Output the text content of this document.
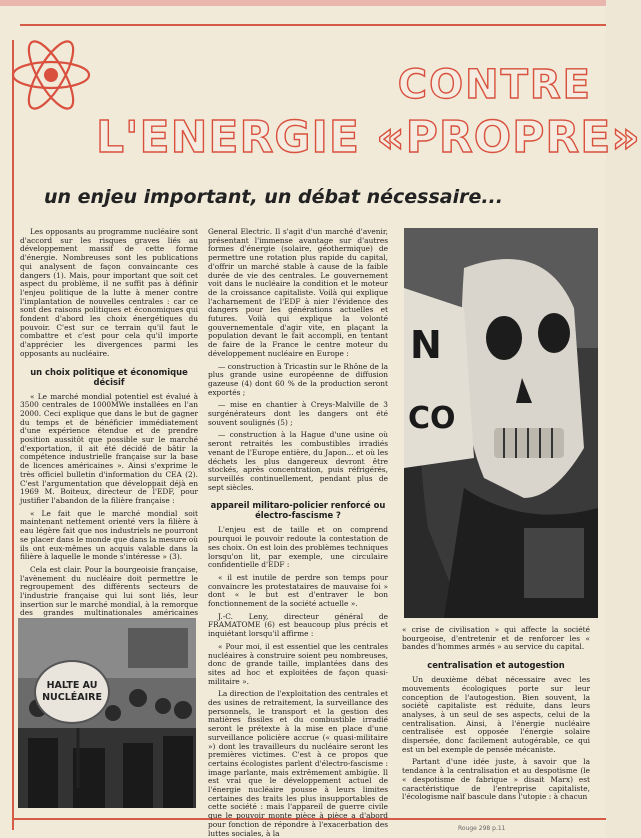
CONTRE
L'ENERGIE «PROPRE»
un enjeu important, un débat nécessaire...

Les opposants au programme nucléaire sont d'accord sur les risques graves liés au développement massif de cette forme d'énergie. Nombreuses sont les publications qui analysent de façon convaincante ces dangers (1). Mais, pour important que soit cet aspect du problème, il ne suffit pas à définir l'enjeu politique de la lutte à mener contre l'implantation de nouvelles centrales : car ce sont des raisons politiques et économiques qui fondent d'abord les choix énergétiques du pouvoir. C'est sur ce terrain qu'il faut le combattre et c'est pour cela qu'il importe d'apprécier les divergences parmi les opposants au nucléaire.

un choix politique et économique décisif

« Le marché mondial potentiel est évalué à 3500 centrales de 1000MWe installées en l'an 2000. Ceci explique que dans le but de gagner du temps et de bénéficier immédiatement d'une expérience étendue et de prendre position aussitôt que possible sur le marché d'exportation, il ait été décidé de bâtir la compétence industrielle française sur la base de licences américaines ». Ainsi s'exprime le très officiel bulletin d'information du CEA (2). C'est l'argumentation que développait déjà en 1969 M. Boiteux, directeur de l'EDF, pour justifier l'abandon de la filière française :

« Le fait que le marché mondial soit maintenant nettement orienté vers la filière à eau légère fait que nos industriels ne pourront se placer dans le monde que dans la mesure où ils ont eux-mêmes un acquis valable dans la filière à laquelle le monde s'intéresse » (3).

Cela est clair. Pour la bourgeoisie française, l'avènement du nucléaire doit permettre le regroupement des différents secteurs de l'industrie française qui lui sont liés, leur insertion sur le marché mondial, à la remorque des grandes multinationales américaines

General Electric. Il s'agit d'un marché d'avenir, présentant l'immense avantage sur d'autres formes d'énergie (solaire, géothermique) de permettre une rotation plus rapide du capital, d'offrir un marché stable à cause de la faible durée de vie des centrales. Le gouvernement voit dans le nucléaire la condition et le moteur de la croissance capitaliste. Voilà qui explique l'acharnement de l'EDF à nier l'évidence des dangers pour les générations actuelles et futures. Voilà qui explique la volonté gouvernementale d'agir vite, en plaçant la population devant le fait accompli, en tentant de faire de la France le centre moteur du développement nucléaire en Europe :

— construction à Tricastin sur le Rhône de la plus grande usine européenne de diffusion gazeuse (4) dont 60 % de la production seront exportés ;

— mise en chantier à Creys-Malville de 3 surgénérateurs dont les dangers ont été souvent soulignés (5) ;

— construction à la Hague d'une usine où seront retraités les combustibles irradiés venant de l'Europe entière, du Japon... et où les déchets les plus dangereux devront être stockés, après concentration, puis réfrigérés, surveillés continuellement, pendant plus de sept siècles.

appareil militaro-policier renforcé ou électro-fascisme ?

L'enjeu est de taille et on comprend pourquoi le pouvoir redoute la contestation de ses choix. On est loin des problèmes techniques lorsqu'on lit, par exemple, une circulaire confidentielle d'EDF :

« il est inutile de perdre son temps pour convaincre les protestataires de mauvaise foi » dont « le but est d'entraver le bon fonctionnement de la société actuelle ».

J.-C. Leny, directeur général de FRAMATOME (6) est beaucoup plus précis et inquiétant lorsqu'il affirme :

« Pour moi, il est essentiel que les centrales nucléaires à construire soient peu nombreuses, donc de grande taille, implantées dans des sites ad hoc et exploitées de façon quasi-militaire ».

La direction de l'exploitation des centrales et des usines de retraitement, la surveillance des personnels, le transport et la gestion des matières fissiles et du combustible irradié seront le prétexte à la mise en place d'une surveillance policière accrue (« quasi-militaire ») dont les travailleurs du nucléaire seront les premières victimes. C'est à ce propos que certains écologistes parlent d'électro-fascisme : image parlante, mais extrêmement ambigüe. Il est vrai que le développement actuel de l'énergie nucléaire pousse à leurs limites certaines des traits les plus insupportables de cette société : mais l'appareil de guerre civile que le pouvoir monte pièce à pièce a d'abord pour fonction de répondre à l'exacerbation des luttes sociales, à la

N
CO
HALTE AU
NUCLÉAIRE

« crise de civilisation » qui affecte la société bourgeoise, d'entretenir et de renforcer les « bandes d'hommes armés » au service du capital.

centralisation et autogestion

Un deuxième débat nécessaire avec les mouvements écologiques porte sur leur conception de l'autogestion. Bien souvent, la société capitaliste est réduite, dans leurs analyses, à un seul de ses aspects, celui de la centralisation. Ainsi, à l'énergie nucléaire centralisée est opposée l'énergie solaire dispersée, donc facilement autogérable, ce qui est un bel exemple de pensée mécaniste.

Partant d'une idée juste, à savoir que la tendance à la centralisation et au despotisme (le « despotisme de fabrique » disait Marx) est caractéristique de l'entreprise capitaliste, l'écologisme naïf bascule dans l'utopie : à chacun

Rouge 298 p.11
